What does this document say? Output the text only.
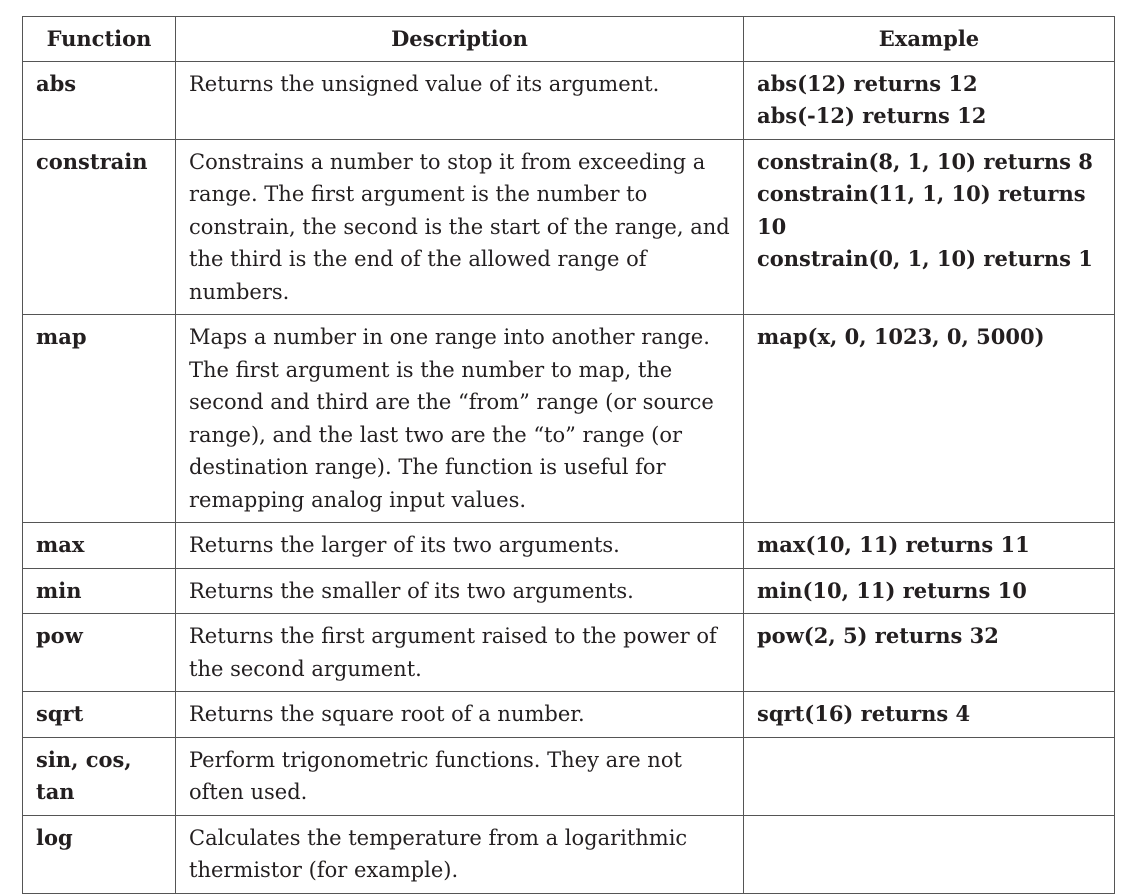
Function	Description	Example
abs	Returns the unsigned value of its argument.	abs(12) returns 12
abs(-12) returns 12

constrain	Constrains a number to stop it from exceeding a range. The first argument is the number to constrain, the second is the start of the range, and the third is the end of the allowed range of numbers.	constrain(8, 1, 10) returns 8
constrain(11, 1, 10) returns 10
constrain(0, 1, 10) returns 1

map	Maps a number in one range into another range. The first argument is the number to map, the second and third are the “from” range (or source range), and the last two are the “to” range (or destination range). The function is useful for remapping analog input values.	map(x, 0, 1023, 0, 5000)

max	Returns the larger of its two arguments.	max(10, 11) returns 11

min	Returns the smaller of its two arguments.	min(10, 11) returns 10

pow	Returns the first argument raised to the power of the second argument.	pow(2, 5) returns 32

sqrt	Returns the square root of a number.	sqrt(16) returns 4

sin, cos, tan	Perform trigonometric functions. They are not often used.	
log	Calculates the temperature from a logarithmic thermistor (for example).	
